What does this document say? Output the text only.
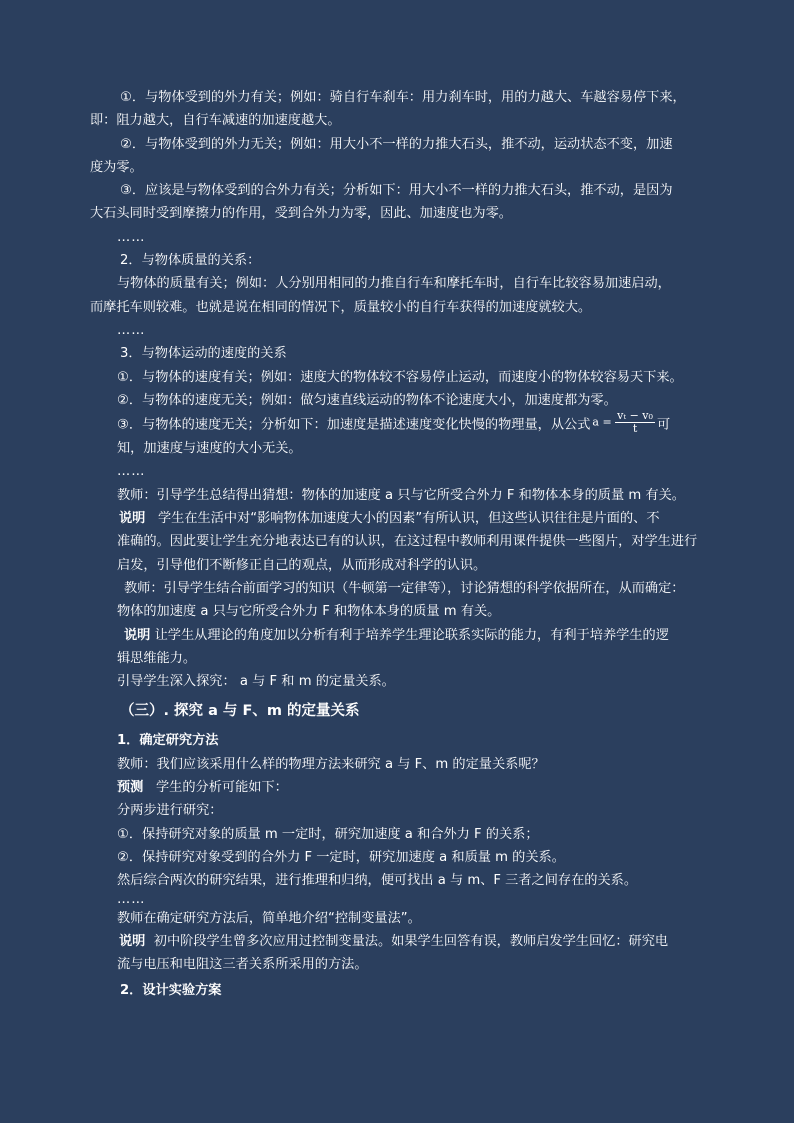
①．与物体受到的外力有关；例如：骑自行车刹车：用力刹车时，用的力越大、车越容易停下来，

即：阻力越大，自行车减速的加速度越大。

②．与物体受到的外力无关；例如：用大小不一样的力推大石头，推不动，运动状态不变，加速

度为零。

③．应该是与物体受到的合外力有关；分析如下：用大小不一样的力推大石头，推不动，是因为

大石头同时受到摩擦力的作用，受到合外力为零，因此、加速度也为零。

……

2．与物体质量的关系：

与物体的质量有关；例如：人分别用相同的力推自行车和摩托车时，自行车比较容易加速启动，

而摩托车则较难。也就是说在相同的情况下，质量较小的自行车获得的加速度就较大。

……

3．与物体运动的速度的关系

①．与物体的速度有关；例如：速度大的物体较不容易停止运动，而速度小的物体较容易天下来。

②．与物体的速度无关；例如：做匀速直线运动的物体不论速度大小，加速度都为零。

③．与物体的速度无关；分析如下：加速度是描述速度变化快慢的物理量，从公式 $a = \frac{\text{vₜ − v₀}}{t}$ 可

知，加速度与速度的大小无关。

……

教师：引导学生总结得出猜想：物体的加速度 a 只与它所受合外力 F 和物体本身的质量 m 有关。

说明 学生在生活中对“影响物体加速度大小的因素”有所认识，但这些认识往往是片面的、不

准确的。因此要让学生充分地表达已有的认识，在这过程中教师利用课件提供一些图片，对学生进行

启发，引导他们不断修正自己的观点，从而形成对科学的认识。

教师：引导学生结合前面学习的知识（牛顿第一定律等），讨论猜想的科学依据所在，从而确定：

物体的加速度 a 只与它所受合外力 F 和物体本身的质量 m 有关。

说明 让学生从理论的角度加以分析有利于培养学生理论联系实际的能力，有利于培养学生的逻

辑思维能力。

引导学生深入探究： a 与 F 和 m 的定量关系。

（三）. 探究 a 与 F、m 的定量关系

1．确定研究方法

教师：我们应该采用什么样的物理方法来研究 a 与 F、m 的定量关系呢？

预测 学生的分析可能如下：

分两步进行研究：

①．保持研究对象的质量 m 一定时，研究加速度 a 和合外力 F 的关系；

②．保持研究对象受到的合外力 F 一定时，研究加速度 a 和质量 m 的关系。

然后综合两次的研究结果，进行推理和归纳，便可找出 a 与 m、F 三者之间存在的关系。

……

教师在确定研究方法后，简单地介绍“控制变量法”。

说明 初中阶段学生曾多次应用过控制变量法。如果学生回答有误，教师启发学生回忆：研究电

流与电压和电阻这三者关系所采用的方法。

2．设计实验方案
